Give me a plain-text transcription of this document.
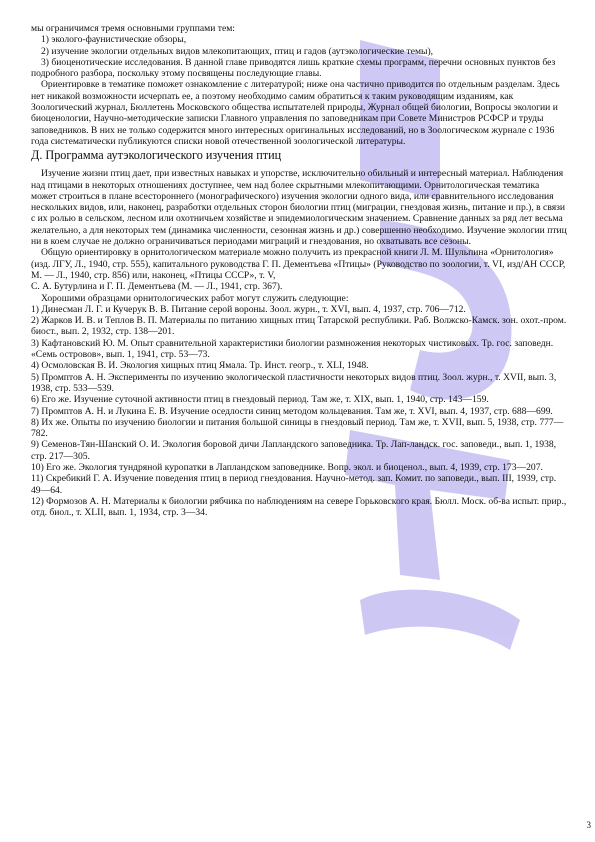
мы ограничимся тремя основными группами тем:

1) эколого-фаунистические обзоры,

2) изучение экологии отдельных видов млекопитающих, птиц и гадов (аутэкологические темы),

3) биоценотические исследования. В данной главе приводятся лишь краткие схемы программ, перечни основных пунктов без подробного разбора, поскольку этому посвящены последующие главы.

Ориентировке в тематике поможет ознакомление с литературой; ниже она частично приводится по отдельным разделам. Здесь нет никакой возможности исчерпать ее, а поэтому необходимо самим обратиться к таким руководящим изданиям, как Зоологический журнал, Бюллетень Московского общества испытателей природы, Журнал общей биологии, Вопросы экологии и биоценологии, Научно-методические записки Главного управления по заповедникам при Совете Министров РСФСР и труды заповедников. В них не только содержится много интересных оригинальных исследований, но в Зоологическом журнале с 1936 года систематически публикуются списки новой отечественной зоологической литературы.

Д. Программа аутэкологического изучения птиц

Изучение жизни птиц дает, при известных навыках и упорстве, исключительно обильный и интересный материал. Наблюдения над птицами в некоторых отношениях доступнее, чем над более скрытными млекопитающими. Орнитологическая тематика может строиться в плане всестороннего (монографического) изучения экологии одного вида, или сравнительного исследования нескольких видов, или, наконец, разработки отдельных сторон биологии птиц (миграции, гнездовая жизнь, питание и пр.), в связи с их ролью в сельском, лесном или охотничьем хозяйстве и эпидемиологическим значением. Сравнение данных за ряд лет весьма желательно, а для некоторых тем (динамика численности, сезонная жизнь и др.) совершенно необходимо. Изучение экологии птиц ни в коем случае не должно ограничиваться периодами миграций и гнездования, но охватывать все сезоны.

Общую ориентировку в орнитологическом материале можно получить из прекрасной книги Л. М. Шульпина «Орнитология» (изд. ЛГУ, Л., 1940, стр. 555), капитального руководства Г. П. Дементьева «Птицы» (Руководство по зоологии, т. VI, изд/АН СССР, М. — Л., 1940, стр. 856) или, наконец, «Птицы СССР», т. V,

С. А. Бутурлина и Г. П. Дементьева (М. — Л., 1941, стр. 367).

Хорошими образцами орнитологических работ могут служить следующие:

1) Динесман Л. Г. и Кучерук В. В. Питание серой вороны. Зоол. журн., т. XVI, вып. 4, 1937, стр. 706—712.

2) Жарков И. В. и Теплов В. П. Материалы по питанию хищных птиц Татарской республики. Раб. Волжско-Камск. зон. охот.-пром. биост., вып. 2, 1932, стр. 138—201.

3) Кафтановский Ю. М. Опыт сравнительной характеристики биологии размножения некоторых чистиковых. Тр. гос. заповедн. «Семь островов», вып. 1, 1941, стр. 53—73.

4) Осмоловская В. И. Экология хищных птиц Ямала. Тр. Инст. геогр., т. XLI, 1948.

5) Промптов А. Н. Эксперименты по изучению экологической пластичности некоторых видов птиц. Зоол. журн., т. XVII, вып. 3, 1938, стр. 533—539.

6) Его же. Изучение суточной активности птиц в гнездовый период. Там же, т. XIX, вып. 1, 1940, стр. 143—159.

7) Промптов А. Н. и Лукина Е. В. Изучение оседлости синиц методом кольцевания. Там же, т. XVI, вып. 4, 1937, стр. 688—699.

8) Их же. Опыты по изучению биологии и питания большой синицы в гнездовый период. Там же, т. XVII, вып. 5, 1938, стр. 777— 782.

9) Семенов-Тян-Шанский О. И. Экология боровой дичи Лапландского заповедника. Тр. Лап-ландск. гос. заповеди., вып. 1, 1938, стр. 217—305.

10) Его же. Экология тундряной куропатки в Лапландском заповеднике. Вопр. экол. и биоценол., вып. 4, 1939, стр. 173—207.

11) Скребикий Г. А. Изучение поведения птиц в период гнездования. Научно-метод. зап. Комит. по заповеди., вып. III, 1939, стр. 49—64.

12) Формозов А. Н. Материалы к биологии рябчика по наблюдениям на севере Горьковского края. Бюлл. Моск. об-ва испыт. прир., отд. биол., т. XLII, вып. 1, 1934, стр. 3—34.

3
